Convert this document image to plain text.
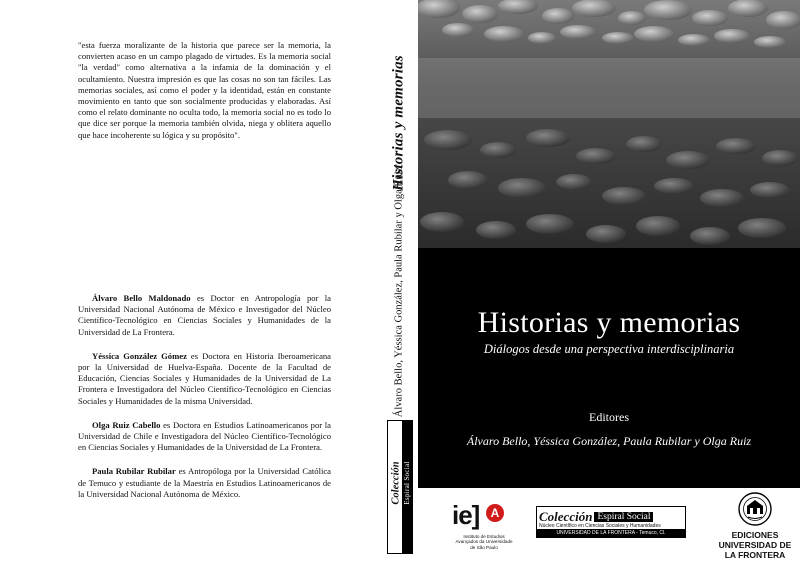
"esta fuerza moralizante de la historia que parece ser la memoria, la convierten acaso en un campo plagado de virtudes. Es la memoria social "la verdad" como alternativa a la infamia de la dominación y el ocultamiento. Nuestra impresión es que las cosas no son tan fáciles. Las memorias sociales, así como el poder y la identidad, están en constante movimiento en tanto que son socialmente producidas y elaboradas. Así como el relato dominante no oculta todo, la memoria social no es todo lo que dice ser porque la memoria también olvida, niega y oblitera aquello que hace incoherente su lógica y su propósito".

Álvaro Bello Maldonado es Doctor en Antropología por la Universidad Nacional Autónoma de México e Investigador del Núcleo Científico-Tecnológico en Ciencias Sociales y Humanidades de la Universidad de La Frontera.

Yéssica González Gómez es Doctora en Historia Iberoamericana por la Universidad de Huelva-España. Docente de la Facultad de Educación, Ciencias Sociales y Humanidades de la Universidad de La Frontera e Investigadora del Núcleo Científico-Tecnológico en Ciencias Sociales y Humanidades de la misma Universidad.

Olga Ruiz Cabello es Doctora en Estudios Latinoamericanos por la Universidad de Chile e Investigadora del Núcleo Científico-Tecnológico en Ciencias Sociales y Humanidades de la Universidad de La Frontera.

Paula Rubilar Rubilar es Antropóloga por la Universidad Católica de Temuco y estudiante de la Maestría en Estudios Latinoamericanos de la Universidad Nacional Autónoma de México.

Historias y memorias
Álvaro Bello, Yéssica González, Paula Rubilar y Olga Ruiz
Colección Espiral Social
Historias y memorias
Diálogos desde una perspectiva interdisciplinaria
Editores
Álvaro Bello, Yéssica González, Paula Rubilar y Olga Ruiz
ie] A
Instituto de Estudios Avançados da Universidade de São Paulo
Colección Espiral Social
Núcleo Científico en Ciencias Sociales y Humanidades
UNIVERSIDAD DE LA FRONTERA - Temuco, Cl.	EDICIONES UNIVERSIDAD DE LA FRONTERA
